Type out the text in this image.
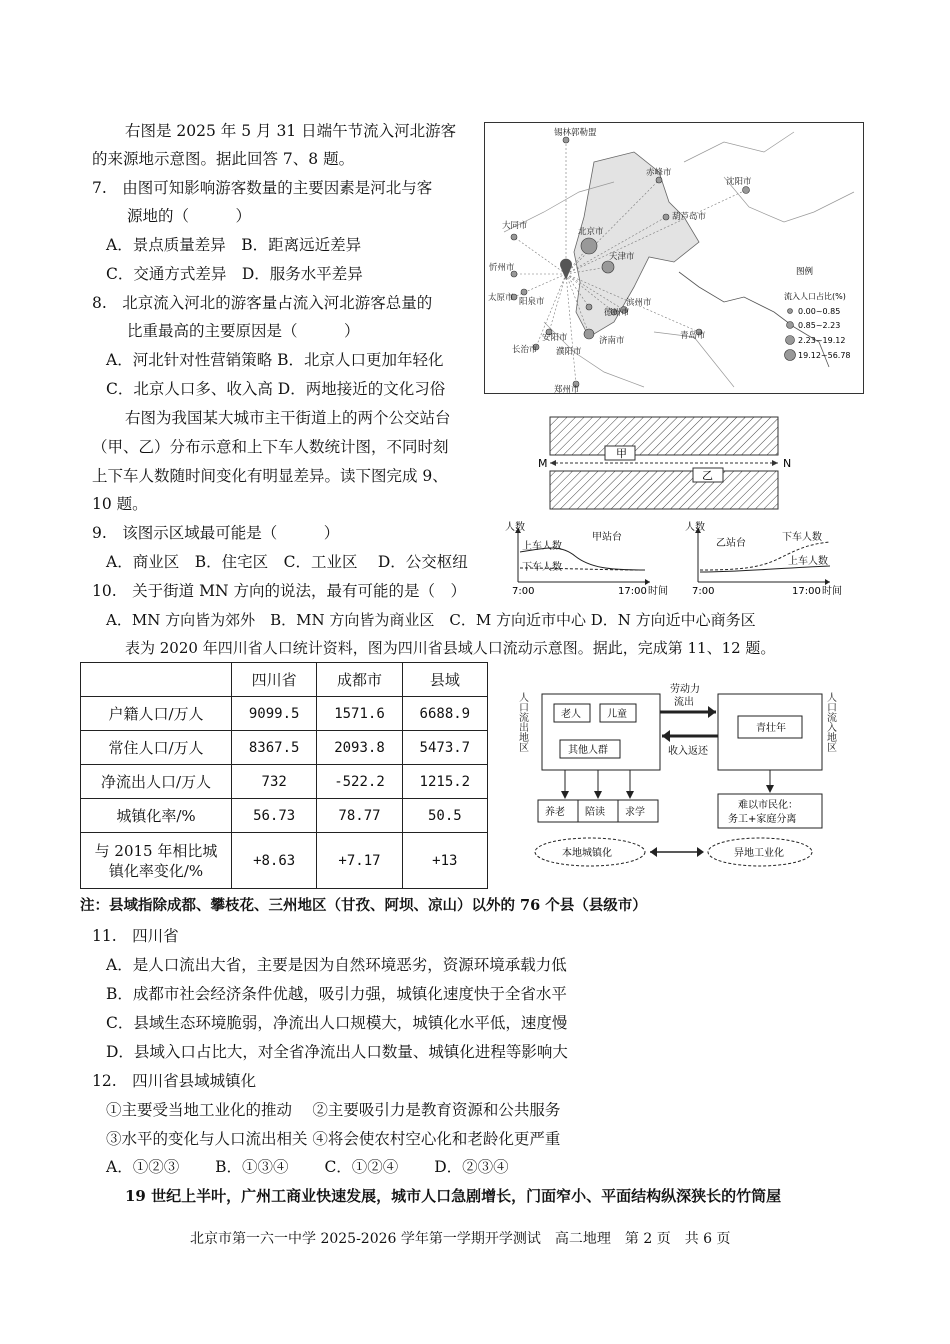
右图是 2025 年 5 月 31 日端午节流入河北游客
的来源地示意图。据此回答 7、8 题。
7.　由图可知影响游客数量的主要因素是河北与客
源地的（　　　）
A．景点质量差异　B．距离远近差异
C．交通方式差异　D．服务水平差异
8.　北京流入河北的游客量占流入河北游客总量的
比重最高的主要原因是（　　　）
A．河北针对性营销策略 B．北京人口更加年轻化
C．北京人口多、收入高 D．两地接近的文化习俗
右图为我国某大城市主干街道上的两个公交站台
（甲、乙）分布示意和上下车人数统计图，不同时刻
上下车人数随时间变化有明显差异。读下图完成 9、
10 题。
9.　该图示区域最可能是（　　　）
A．商业区　B．住宅区　C．工业区　 D．公交枢纽
10.　关于街道 MN 方向的说法，最有可能的是（　）
A．MN 方向皆为郊外　B．MN 方向皆为商业区　C．M 方向近市中心 D．N 方向近中心商务区
表为 2020 年四川省人口统计资料，图为四川省县域人口流动示意图。据此，完成第 11、12 题。
锡林郭勒盟
赤峰市
沈阳市
北京市
葫芦岛市
大同市
天津市
忻州市
阳泉市
太原市
德州市
滨州市
长治市
济南市
安阳市
濮阳市
青岛市
郑州市
图例
流入人口占比(%)
0.00~0.85
0.85~2.23
2.23~19.12
19.12~56.78
甲
乙
M	N
人数
甲站台
上车人数
下车人数
7:00	17:00 时间
人数
乙站台
下车人数
上车人数
7:00	17:00 时间
	四川省	成都市	县域
户籍人口/万人	9099.5	1571.6	6688.9
常住人口/万人	8367.5	2093.8	5473.7
净流出人口/万人	732	-522.2	1215.2
城镇化率/%	56.73	78.77	50.5

与 2015 年相比城
镇化率变化/%	+8.63	+7.17	+13
人口流出地区	人口流入地区
老人	儿童
其他人群
青壮年
劳动力
流出
收入返还
养老 陪读 求学
难以市民化：
务工+家庭分离
本地城镇化	异地工业化
注：县域指除成都、攀枝花、三州地区（甘孜、阿坝、凉山）以外的 76 个县（县级市）
11.　四川省
A．是人口流出大省，主要是因为自然环境恶劣，资源环境承载力低
B．成都市社会经济条件优越，吸引力强，城镇化速度快于全省水平
C．县域生态环境脆弱，净流出人口规模大，城镇化水平低，速度慢
D．县域入口占比大，对全省净流出人口数量、城镇化进程等影响大
12.　四川省县域城镇化
①主要受当地工业化的推动　 ②主要吸引力是教育资源和公共服务
③水平的变化与人口流出相关 ④将会使农村空心化和老龄化更严重
A．①②③　　 B．①③④　　 C．①②④　　 D．②③④
19 世纪上半叶，广州工商业快速发展，城市人口急剧增长，门面窄小、平面结构纵深狭长的竹筒屋
北京市第一六一中学 2025-2026 学年第一学期开学测试　高二地理　第 2 页　共 6 页
